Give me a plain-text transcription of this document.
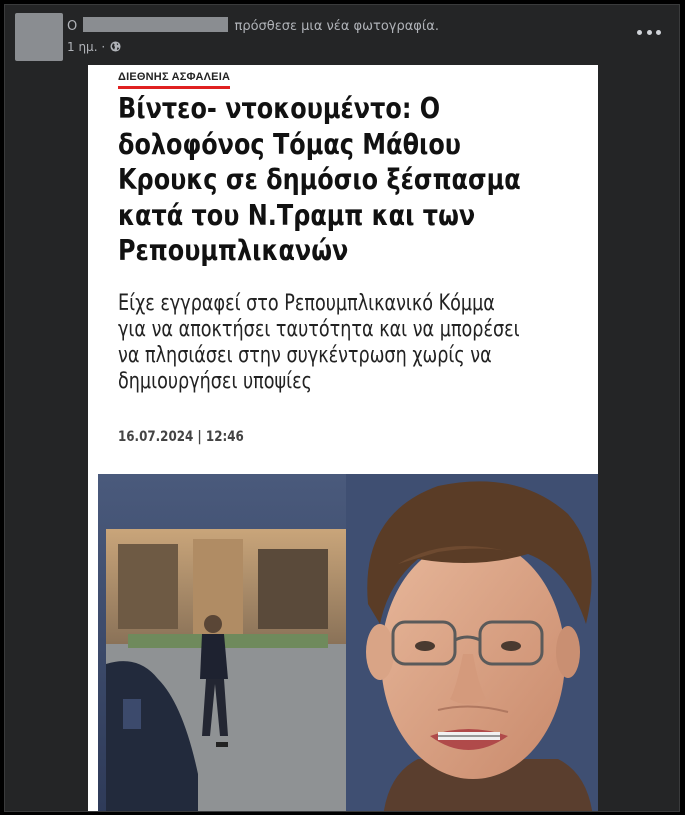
Ο	πρόσθεσε μια νέα φωτογραφία.
1 ημ. ·
ΔΙΕΘΝΗΣ ΑΣΦΑΛΕΙΑ
Βίντεο- ντοκουμέντο: Ο
δολοφόνος Τόμας Μάθιου
Κρουκς σε δημόσιο ξέσπασμα
κατά του Ν.Τραμπ και των
Ρεπουμπλικανών

Είχε εγγραφεί στο Ρεπουμπλικανικό Κόμμα
για να αποκτήσει ταυτότητα και να μπορέσει
να πλησιάσει στην συγκέντρωση χωρίς να
δημιουργήσει υποψίες

16.07.2024 | 12:46
